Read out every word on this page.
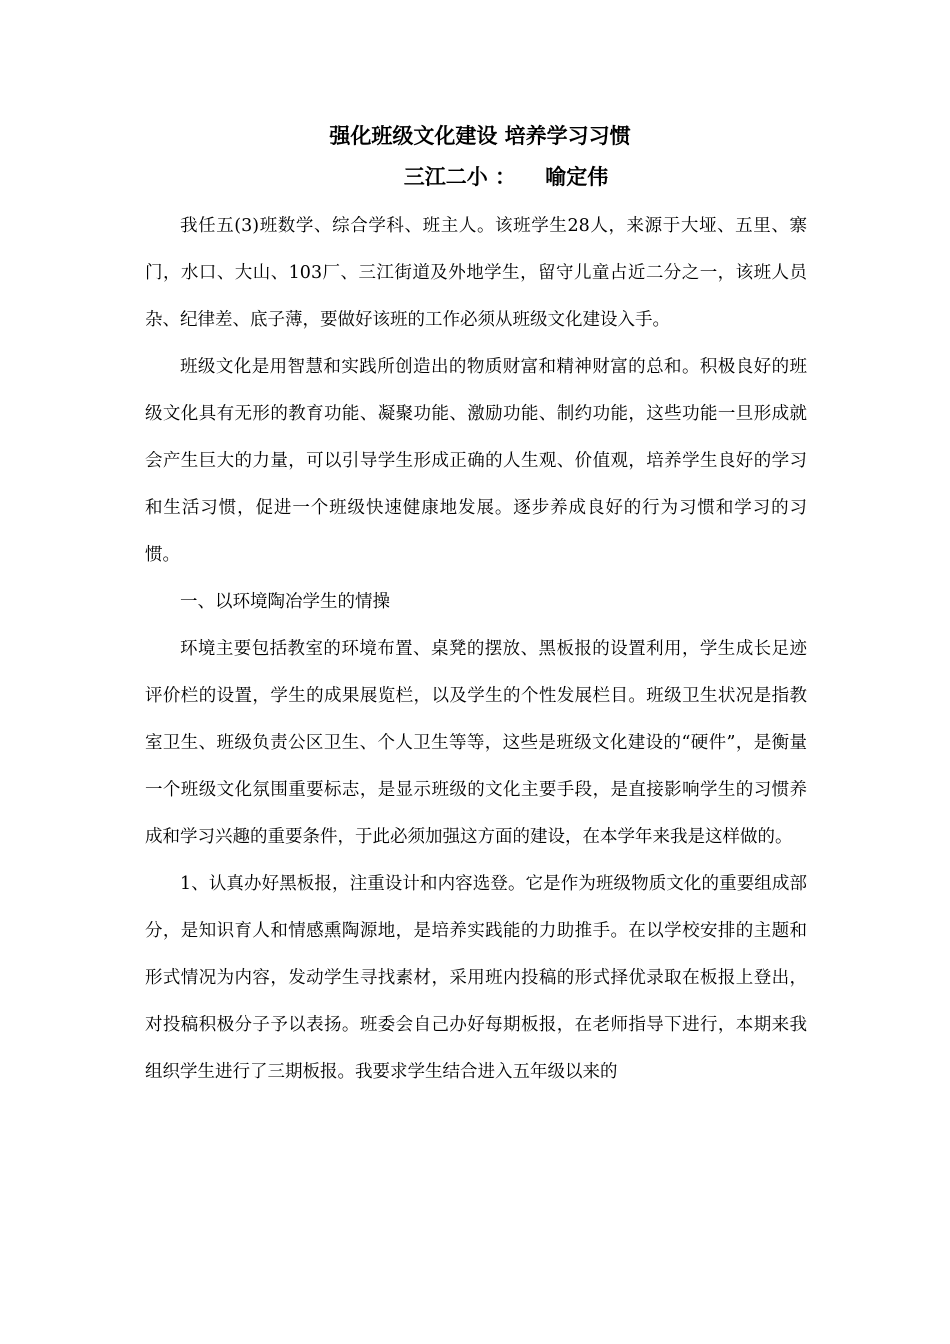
强化班级文化建设 培养学习习惯
三江二小 ：    喻定伟

我任五(3)班数学、综合学科、班主人。该班学生28人，来源于大垭、五里、寨门，水口、大山、103厂、三江街道及外地学生，留守儿童占近二分之一，该班人员杂、纪律差、底子薄，要做好该班的工作必须从班级文化建设入手。

班级文化是用智慧和实践所创造出的物质财富和精神财富的总和。积极良好的班级文化具有无形的教育功能、凝聚功能、激励功能、制约功能，这些功能一旦形成就会产生巨大的力量，可以引导学生形成正确的人生观、价值观，培养学生良好的学习和生活习惯，促进一个班级快速健康地发展。逐步养成良好的行为习惯和学习的习惯。

一、以环境陶冶学生的情操

环境主要包括教室的环境布置、桌凳的摆放、黑板报的设置利用，学生成长足迹评价栏的设置，学生的成果展览栏，以及学生的个性发展栏目。班级卫生状况是指教室卫生、班级负责公区卫生、个人卫生等等，这些是班级文化建设的“硬件”，是衡量一个班级文化氛围重要标志，是显示班级的文化主要手段，是直接影响学生的习惯养成和学习兴趣的重要条件，于此必须加强这方面的建设，在本学年来我是这样做的。

1、认真办好黑板报，注重设计和内容选登。它是作为班级物质文化的重要组成部分，是知识育人和情感熏陶源地，是培养实践能的力助推手。在以学校安排的主题和形式情况为内容，发动学生寻找素材，采用班内投稿的形式择优录取在板报上登出，对投稿积极分子予以表扬。班委会自己办好每期板报，在老师指导下进行，本期来我组织学生进行了三期板报。我要求学生结合进入五年级以来的
